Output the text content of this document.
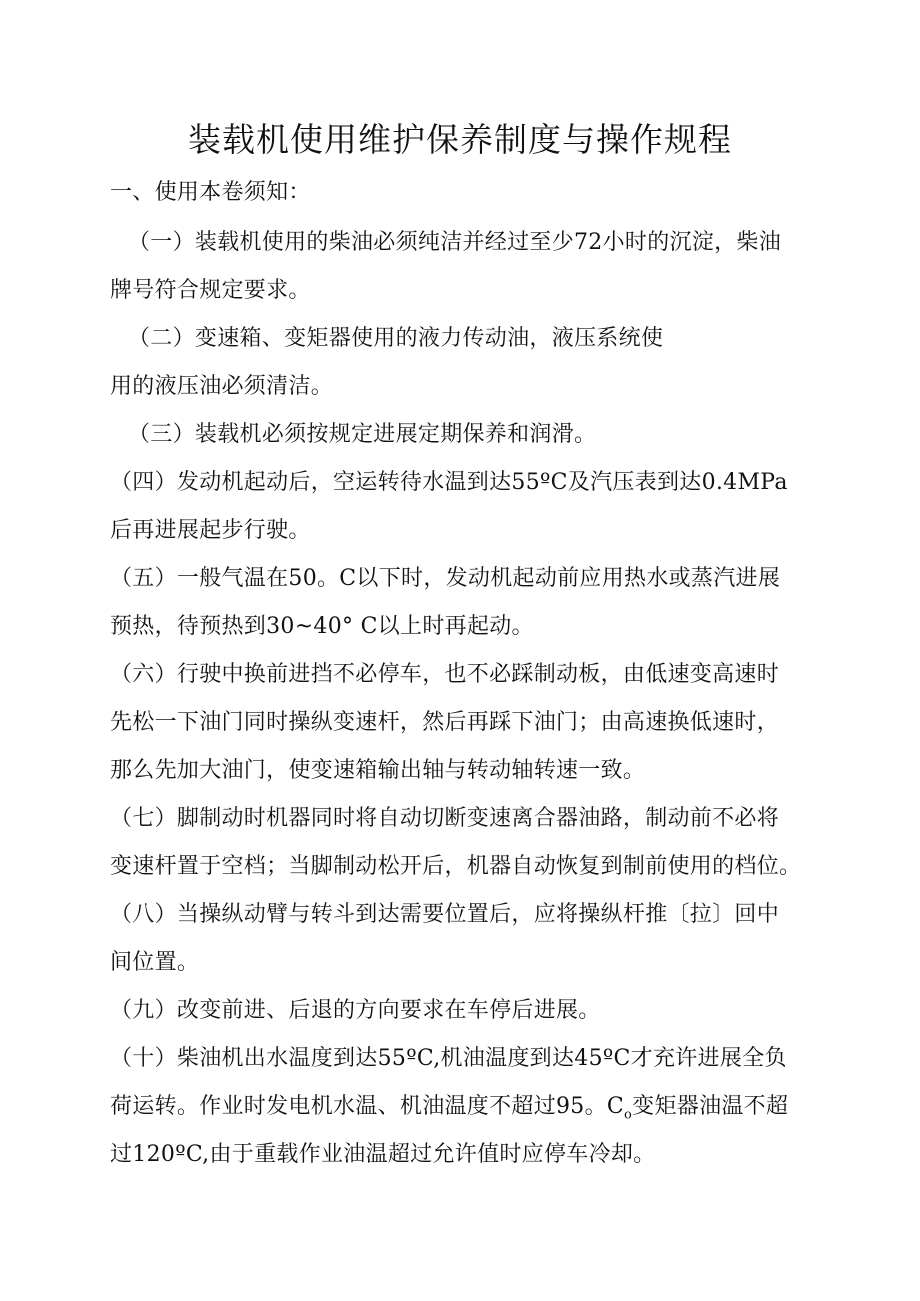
装载机使用维护保养制度与操作规程
一、使用本卷须知：
（一）装载机使用的柴油必须纯洁并经过至少72小时的沉淀，柴油
牌号符合规定要求。
（二）变速箱、变矩器使用的液力传动油，液压系统使
用的液压油必须清洁。
（三）装载机必须按规定进展定期保养和润滑。
（四）发动机起动后，空运转待水温到达55ºC及汽压表到达0.4MPa
后再进展起步行驶。
（五）一般气温在50。C以下时，发动机起动前应用热水或蒸汽进展
预热，待预热到30~40° C以上时再起动。
（六）行驶中换前进挡不必停车，也不必踩制动板，由低速变高速时
先松一下油门同时操纵变速杆，然后再踩下油门；由高速换低速时，
那么先加大油门，使变速箱输出轴与转动轴转速一致。
（七）脚制动时机器同时将自动切断变速离合器油路，制动前不必将
变速杆置于空档；当脚制动松开后，机器自动恢复到制前使用的档位。
（八）当操纵动臂与转斗到达需要位置后，应将操纵杆推〔拉〕回中
间位置。
（九）改变前进、后退的方向要求在车停后进展。
（十）柴油机出水温度到达55ºC,机油温度到达45ºC才充许进展全负
荷运转。作业时发电机水温、机油温度不超过95。$C_o$变矩器油温不超
过120ºC,由于重载作业油温超过允许值时应停车冷却。
